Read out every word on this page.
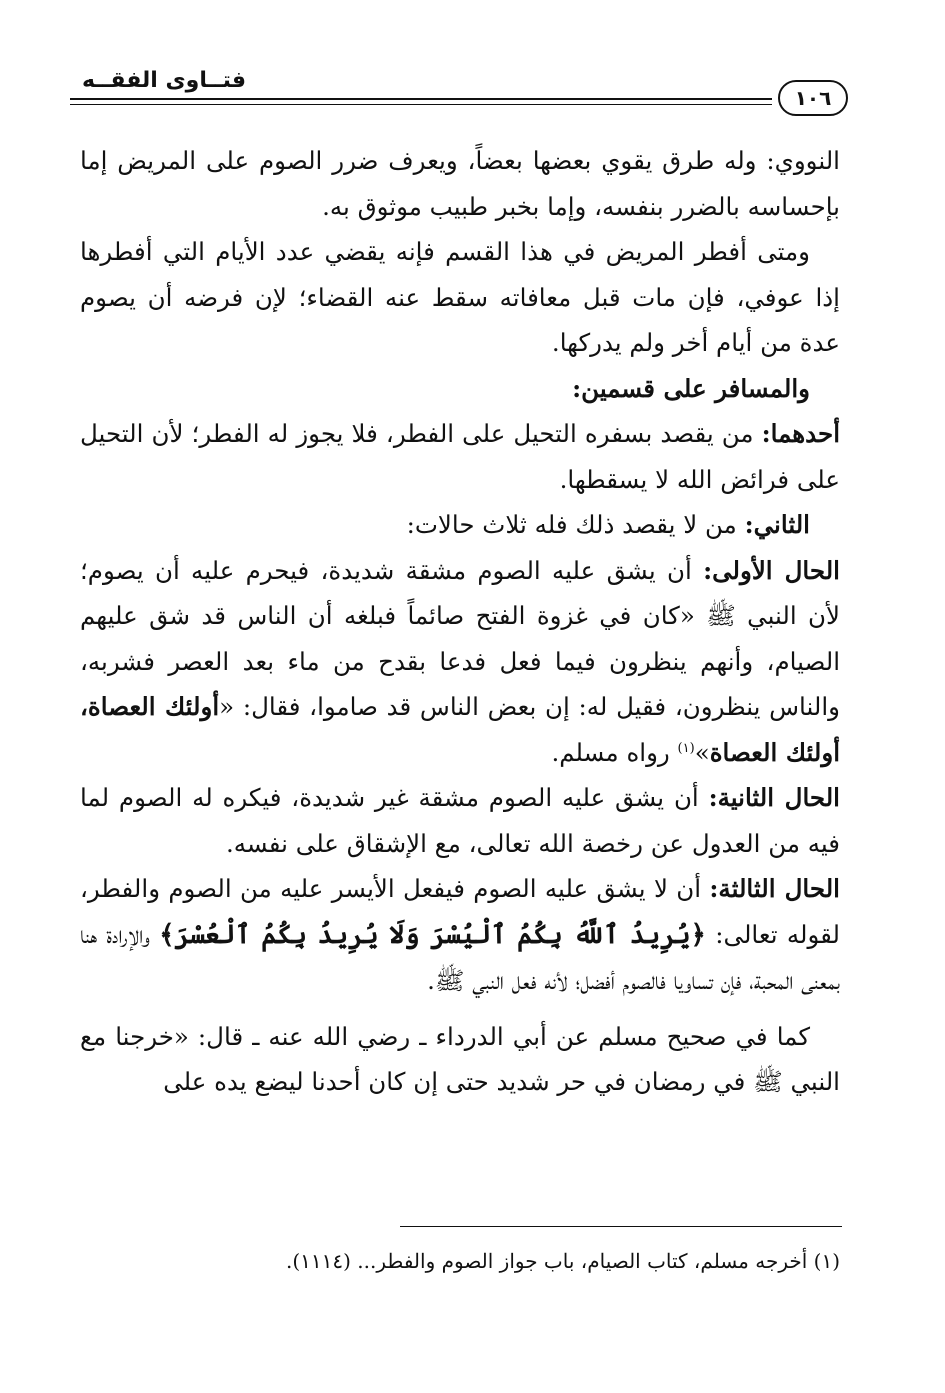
فتــاوى الفقــه
١٠٦

النووي: وله طرق يقوي بعضها بعضاً، ويعرف ضرر الصوم على المريض إما بإحساسه بالضرر بنفسه، وإما بخبر طبيب موثوق به.

ومتى أفطر المريض في هذا القسم فإنه يقضي عدد الأيام التي أفطرها إذا عوفي، فإن مات قبل معافاته سقط عنه القضاء؛ لإن فرضه أن يصوم عدة من أيام أخر ولم يدركها.

والمسافر على قسمين:

أحدهما: من يقصد بسفره التحيل على الفطر، فلا يجوز له الفطر؛ لأن التحيل على فرائض الله لا يسقطها.

الثاني: من لا يقصد ذلك فله ثلاث حالات:

الحال الأولى: أن يشق عليه الصوم مشقة شديدة، فيحرم عليه أن يصوم؛ لأن النبي ﷺ «كان في غزوة الفتح صائماً فبلغه أن الناس قد شق عليهم الصيام، وأنهم ينظرون فيما فعل فدعا بقدح من ماء بعد العصر فشربه، والناس ينظرون، فقيل له: إن بعض الناس قد صاموا، فقال: «أولئك العصاة، أولئك العصاة»$^{(١)}$ رواه مسلم.

الحال الثانية: أن يشق عليه الصوم مشقة غير شديدة، فيكره له الصوم لما فيه من العدول عن رخصة الله تعالى، مع الإشقاق على نفسه.

الحال الثالثة: أن لا يشق عليه الصوم فيفعل الأيسر عليه من الصوم والفطر، لقوله تعالى: ﴿يُرِيدُ ٱللَّهُ بِكُمُ ٱلْيُسْرَ وَلَا يُرِيدُ بِكُمُ ٱلْعُسْرَ﴾ والإرادة هنا بمعنى المحبة، فإن تساويا فالصوم أفضل؛ لأنه فعل النبي ﷺ.

كما في صحيح مسلم عن أبي الدرداء ـ رضي الله عنه ـ قال: «خرجنا مع النبي ﷺ في رمضان في حر شديد حتى إن كان أحدنا ليضع يده على

(١) أخرجه مسلم، كتاب الصيام، باب جواز الصوم والفطر... (١١١٤).
